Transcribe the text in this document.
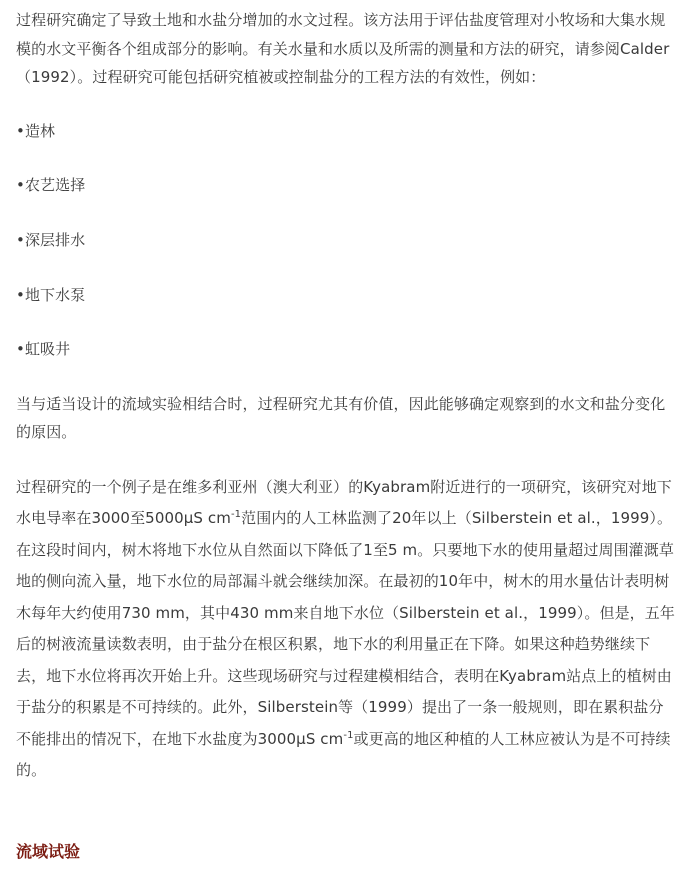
过程研究确定了导致土地和水盐分增加的水文过程。该方法用于评估盐度管理对小牧场和大集水规模的水文平衡各个组成部分的影响。有关水量和水质以及所需的测量和方法的研究，请参阅Calder（1992）。过程研究可能包括研究植被或控制盐分的工程方法的有效性，例如：

•造林

•农艺选择

•深层排水

•地下水泵

•虹吸井

当与适当设计的流域实验相结合时，过程研究尤其有价值，因此能够确定观察到的水文和盐分变化的原因。

过程研究的一个例子是在维多利亚州（澳大利亚）的Kyabram附近进行的一项研究，该研究对地下水电导率在3000至5000μS $cm^{-1}$范围内的人工林监测了20年以上（Silberstein et al.，1999）。在这段时间内，树木将地下水位从自然面以下降低了1至5 m。只要地下水的使用量超过周围灌溉草地的侧向流入量，地下水位的局部漏斗就会继续加深。在最初的10年中，树木的用水量估计表明树木每年大约使用730 mm，其中430 mm来自地下水位（Silberstein et al.，1999）。但是，五年后的树液流量读数表明，由于盐分在根区积累，地下水的利用量正在下降。如果这种趋势继续下去，地下水位将再次开始上升。这些现场研究与过程建模相结合，表明在Kyabram站点上的植树由于盐分的积累是不可持续的。此外，Silberstein等（1999）提出了一条一般规则，即在累积盐分不能排出的情况下，在地下水盐度为3000μS $cm^{-1}$或更高的地区种植的人工林应被认为是不可持续的。

流域试验
